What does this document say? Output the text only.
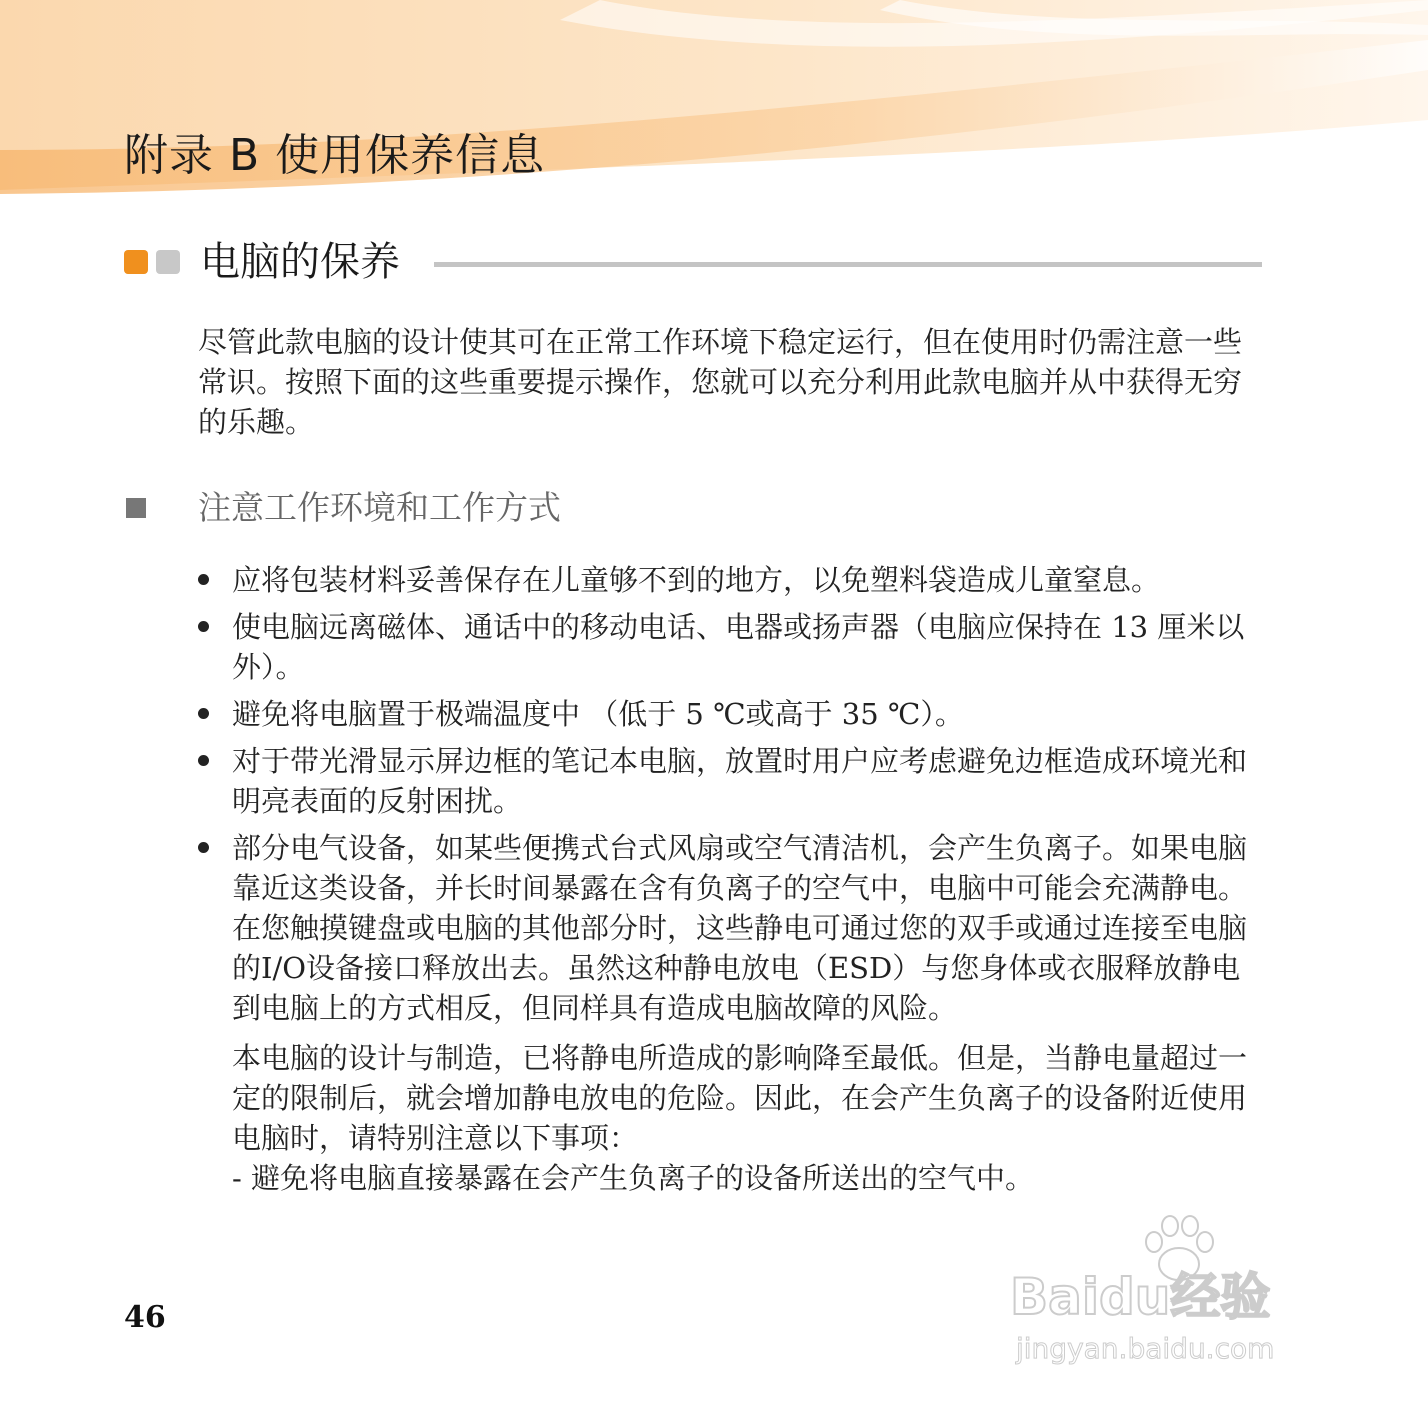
附录 B 使用保养信息
电脑的保养

尽管此款电脑的设计使其可在正常工作环境下稳定运行，但在使用时仍需注意一些常识。按照下面的这些重要提示操作，您就可以充分利用此款电脑并从中获得无穷的乐趣。

注意工作环境和工作方式

应将包装材料妥善保存在儿童够不到的地方，以免塑料袋造成儿童窒息。

使电脑远离磁体、通话中的移动电话、电器或扬声器（电脑应保持在 13 厘米以外）。

避免将电脑置于极端温度中 （低于 5 ℃或高于 35 ℃）。

对于带光滑显示屏边框的笔记本电脑，放置时用户应考虑避免边框造成环境光和明亮表面的反射困扰。

部分电气设备，如某些便携式台式风扇或空气清洁机，会产生负离子。如果电脑靠近这类设备，并长时间暴露在含有负离子的空气中，电脑中可能会充满静电。在您触摸键盘或电脑的其他部分时，这些静电可通过您的双手或通过连接至电脑的I/O设备接口释放出去。虽然这种静电放电（ESD）与您身体或衣服释放静电到电脑上的方式相反，但同样具有造成电脑故障的风险。

本电脑的设计与制造，已将静电所造成的影响降至最低。但是，当静电量超过一定的限制后，就会增加静电放电的危险。因此，在会产生负离子的设备附近使用电脑时，请特别注意以下事项：

- 避免将电脑直接暴露在会产生负离子的设备所送出的空气中。

46	Baidu经验
jingyan.baidu.com
